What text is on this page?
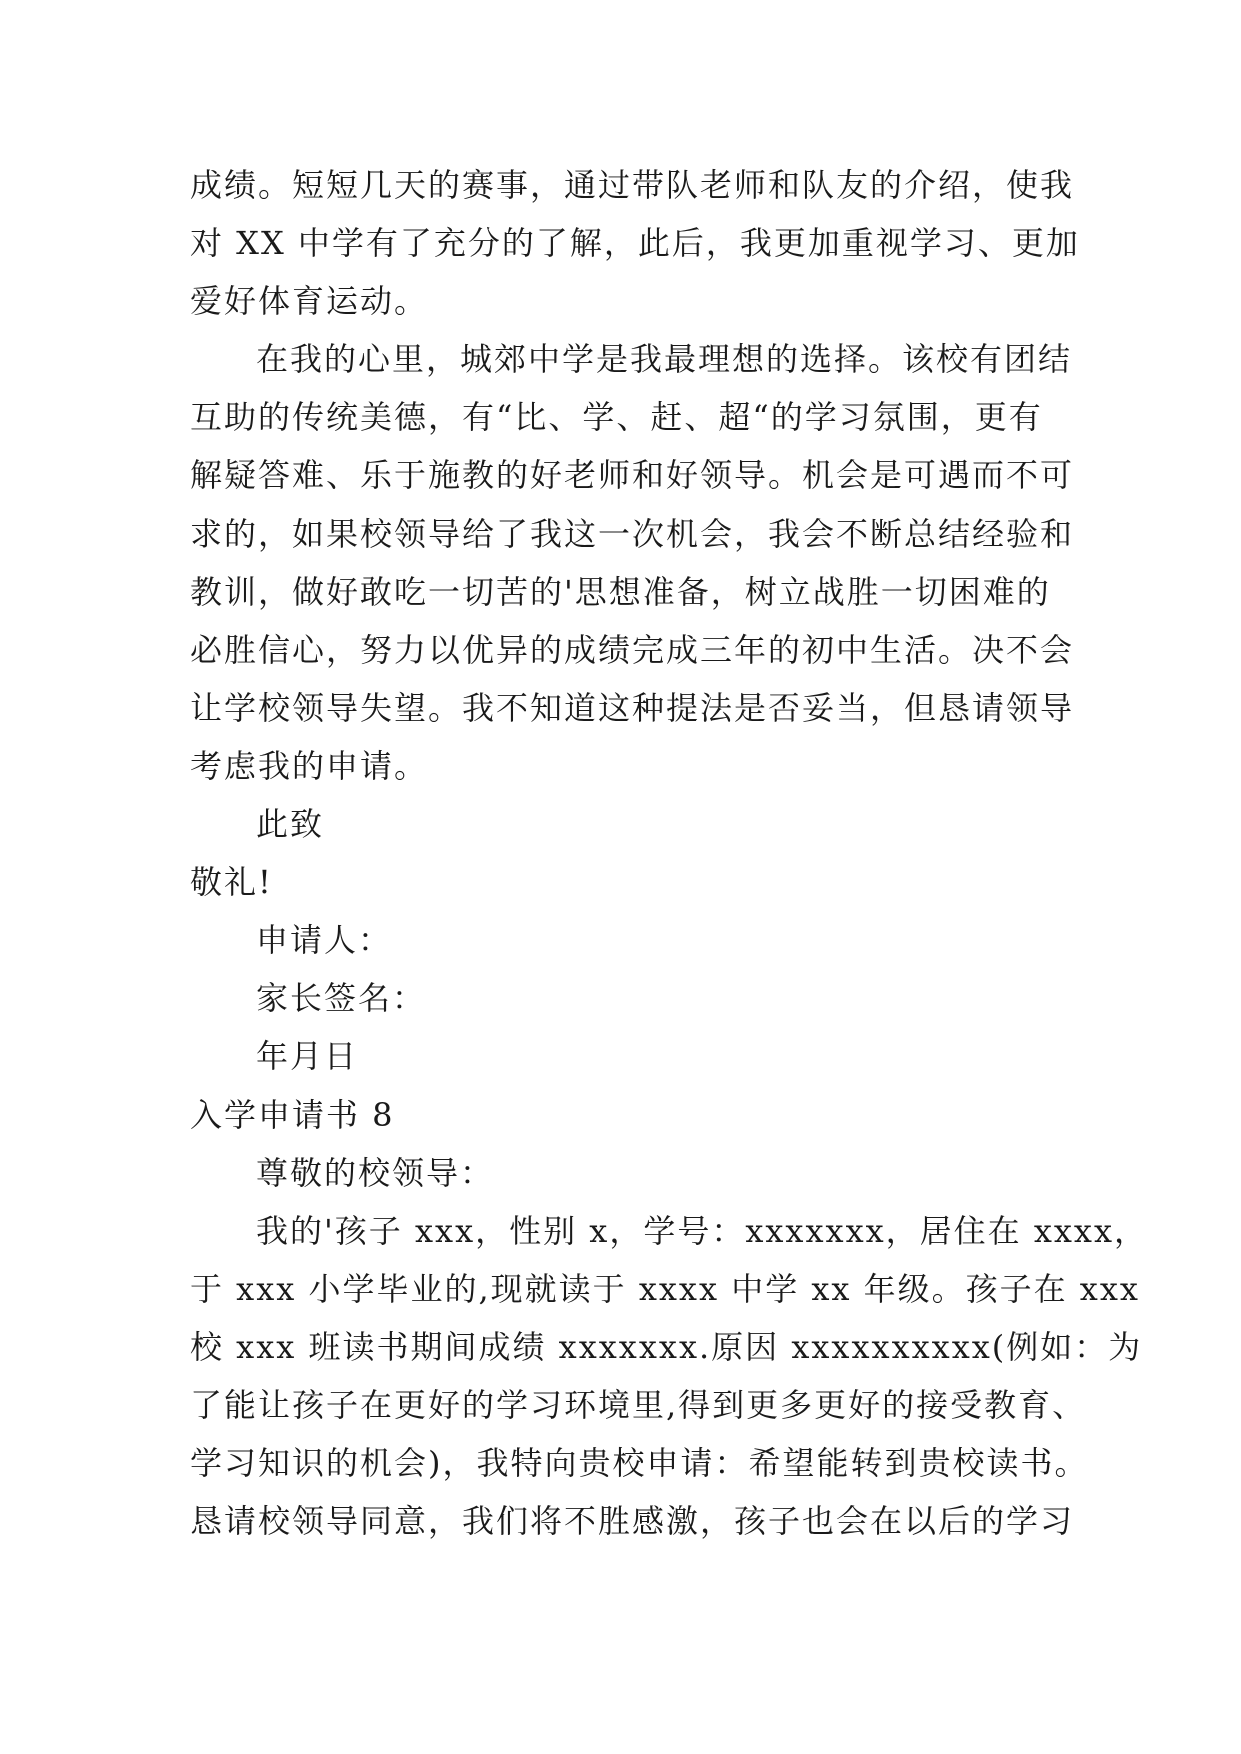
成绩。短短几天的赛事，通过带队老师和队友的介绍，使我
对 XX 中学有了充分的了解，此后，我更加重视学习、更加
爱好体育运动。
在我的心里，城郊中学是我最理想的选择。该校有团结
互助的传统美德，有“比、学、赶、超“的学习氛围，更有
解疑答难、乐于施教的好老师和好领导。机会是可遇而不可
求的，如果校领导给了我这一次机会，我会不断总结经验和
教训，做好敢吃一切苦的'思想准备，树立战胜一切困难的
必胜信心，努力以优异的成绩完成三年的初中生活。决不会
让学校领导失望。我不知道这种提法是否妥当，但恳请领导
考虑我的申请。
此致
敬礼!
申请人：
家长签名：
年月日
入学申请书 8
尊敬的校领导：
我的'孩子 xxx，性别 x，学号：xxxxxxx，居住在 xxxx，
于 xxx 小学毕业的,现就读于 xxxx 中学 xx 年级。孩子在 xxx
校 xxx 班读书期间成绩 xxxxxxx.原因 xxxxxxxxxx(例如：为
了能让孩子在更好的学习环境里,得到更多更好的接受教育、
学习知识的机会)，我特向贵校申请：希望能转到贵校读书。
恳请校领导同意，我们将不胜感激，孩子也会在以后的学习
